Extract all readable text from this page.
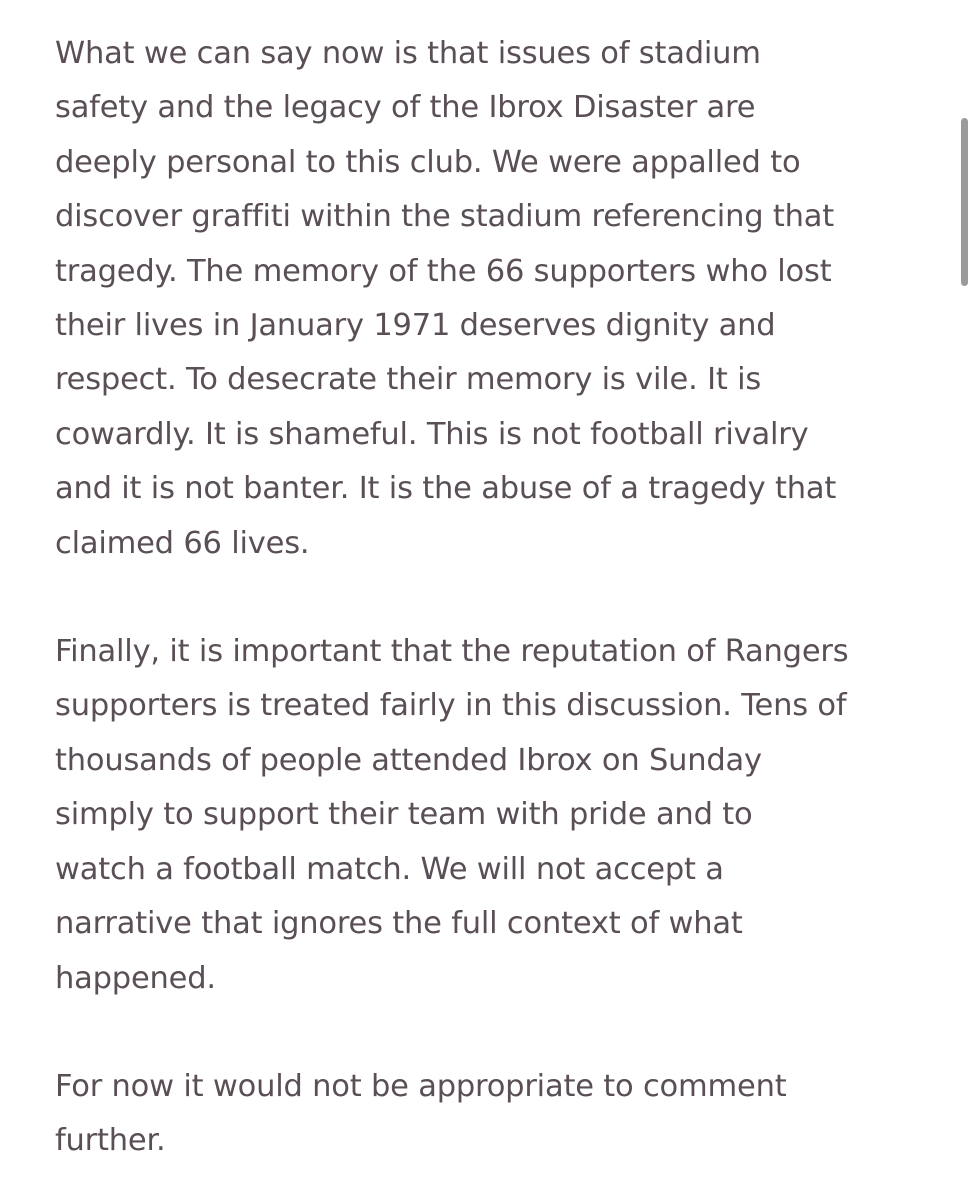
What we can say now is that issues of stadium
safety and the legacy of the Ibrox Disaster are
deeply personal to this club. We were appalled to
discover graffiti within the stadium referencing that
tragedy. The memory of the 66 supporters who lost
their lives in January 1971 deserves dignity and
respect. To desecrate their memory is vile. It is
cowardly. It is shameful. This is not football rivalry
and it is not banter. It is the abuse of a tragedy that
claimed 66 lives.

Finally, it is important that the reputation of Rangers
supporters is treated fairly in this discussion. Tens of
thousands of people attended Ibrox on Sunday
simply to support their team with pride and to
watch a football match. We will not accept a
narrative that ignores the full context of what
happened.

For now it would not be appropriate to comment
further.
